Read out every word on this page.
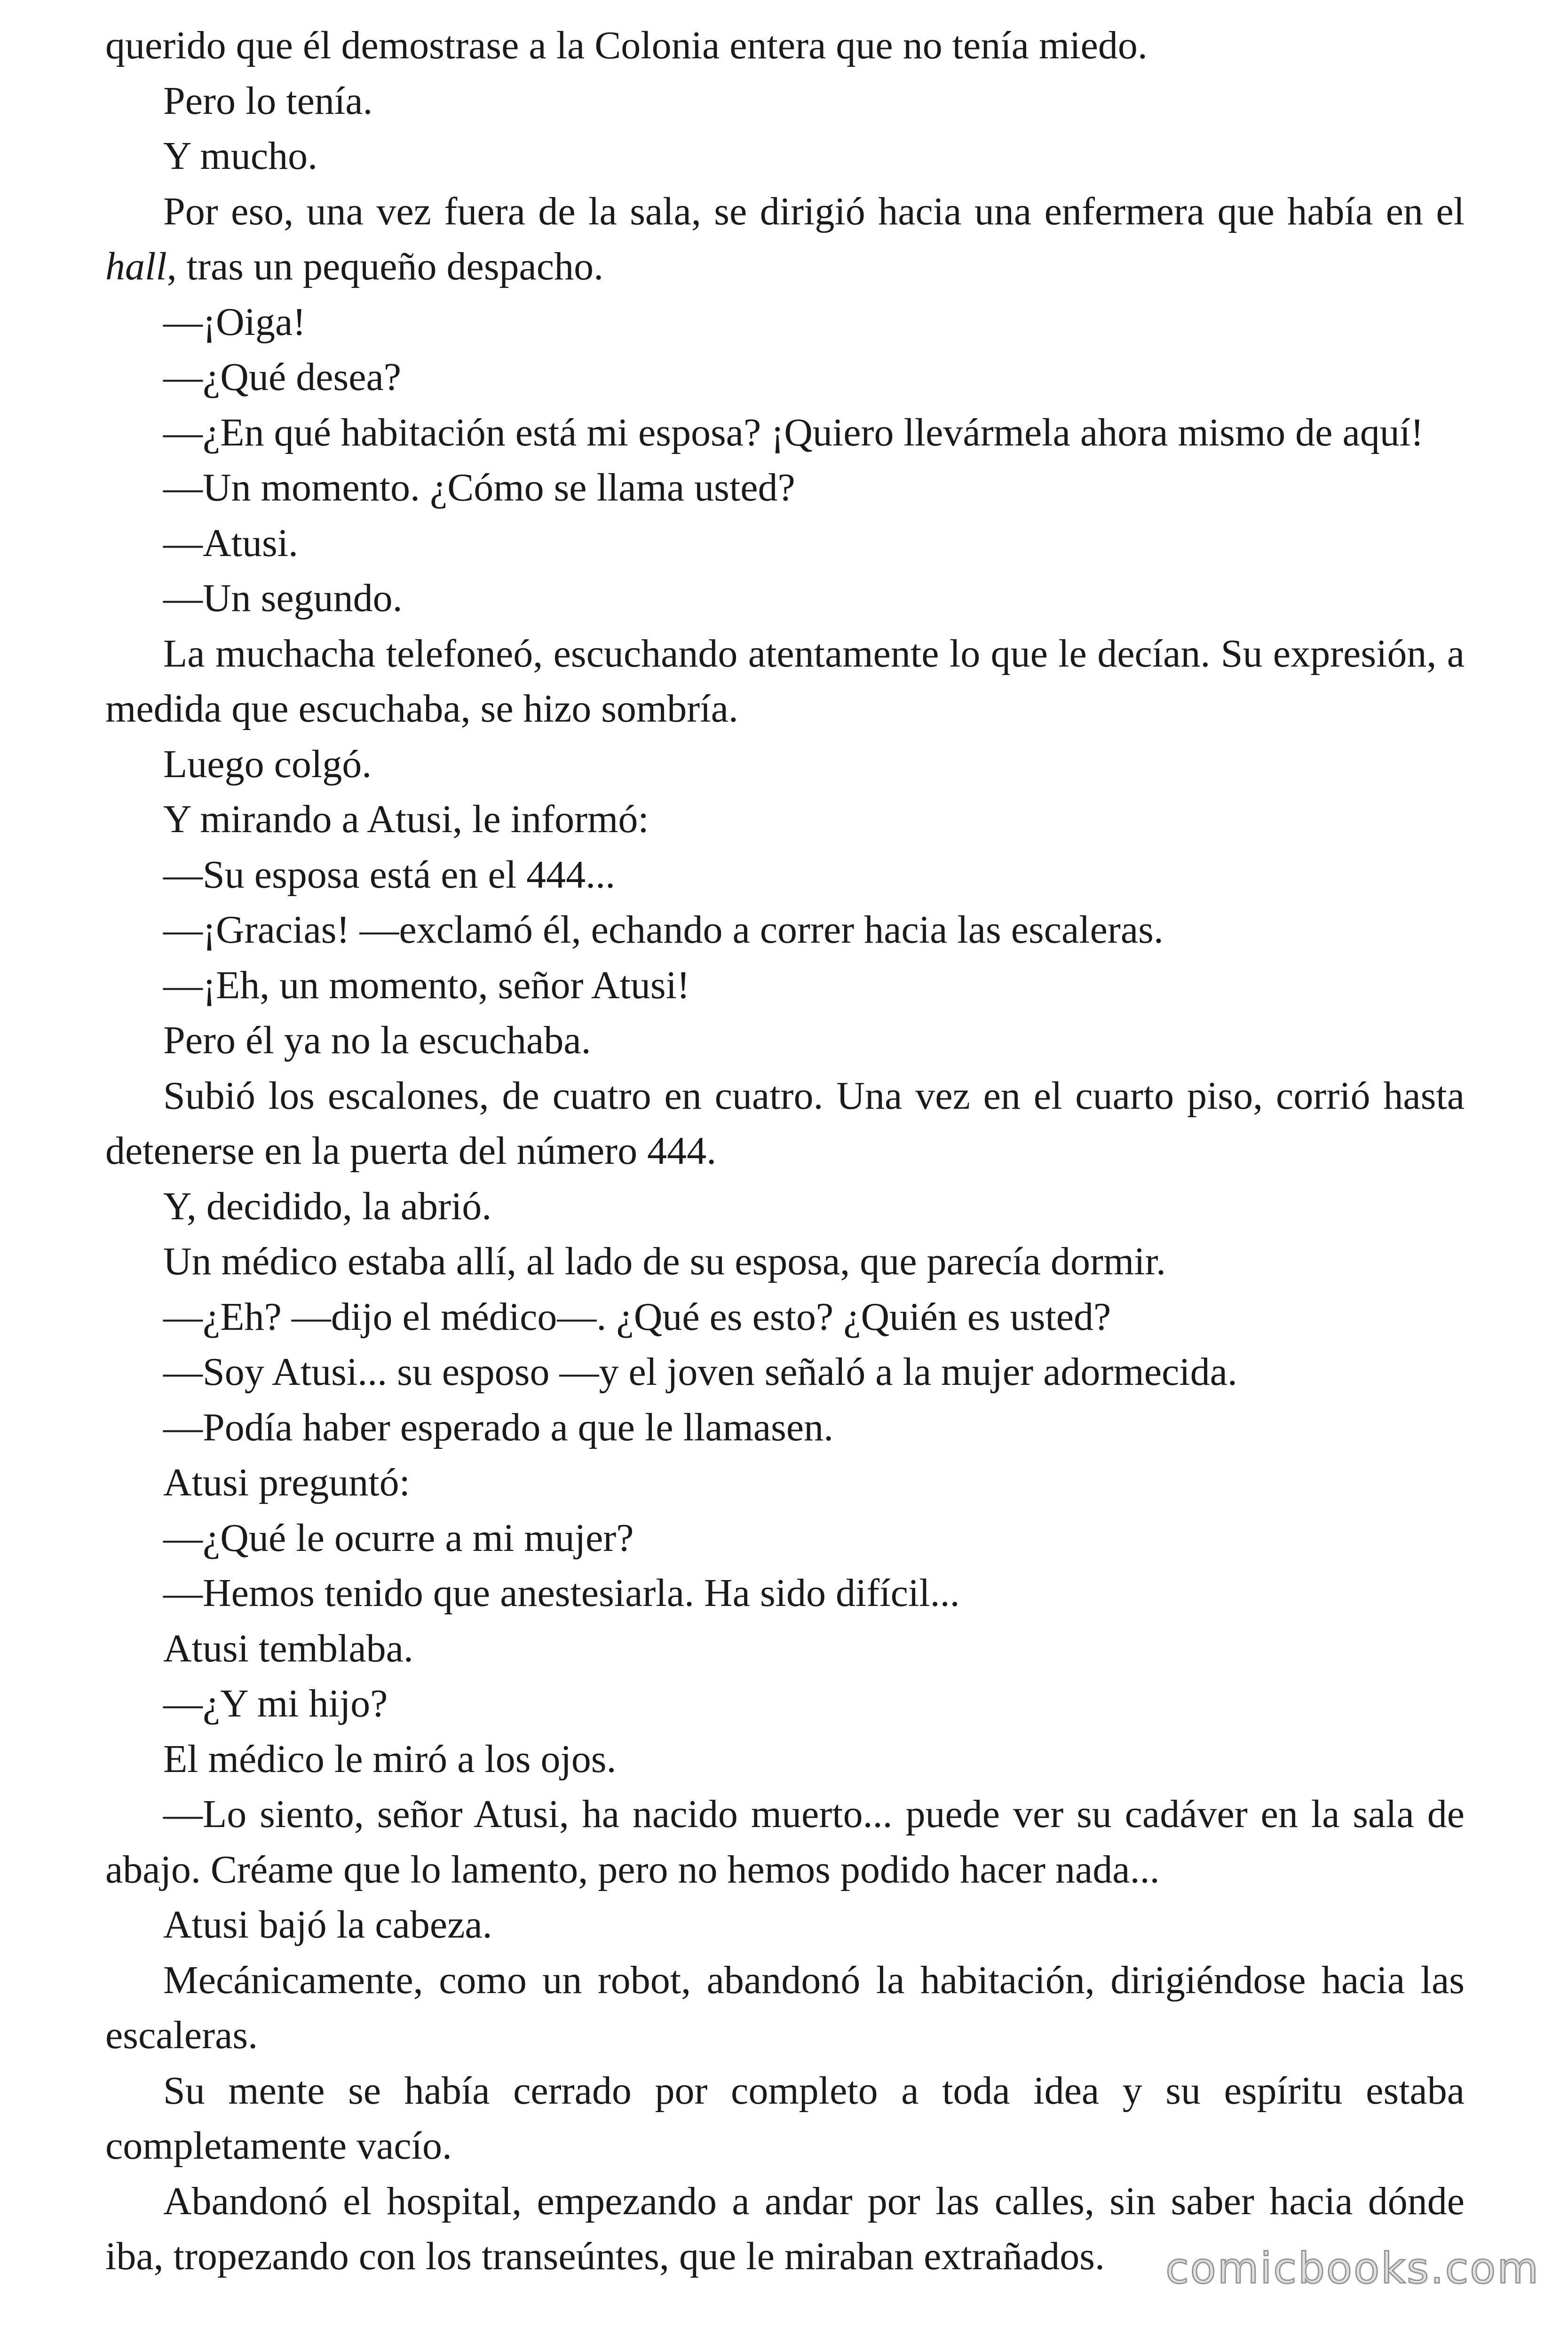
querido que él demostrase a la Colonia entera que no tenía miedo.

Pero lo tenía.

Y mucho.

Por eso, una vez fuera de la sala, se dirigió hacia una enfermera que había en el hall, tras un pequeño despacho.

—¡Oiga!

—¿Qué desea?

—¿En qué habitación está mi esposa? ¡Quiero llevármela ahora mismo de aquí!

—Un momento. ¿Cómo se llama usted?

—Atusi.

—Un segundo.

La muchacha telefoneó, escuchando atentamente lo que le decían. Su expresión, a medida que escuchaba, se hizo sombría.

Luego colgó.

Y mirando a Atusi, le informó:

—Su esposa está en el 444...

—¡Gracias! —exclamó él, echando a correr hacia las escaleras.

—¡Eh, un momento, señor Atusi!

Pero él ya no la escuchaba.

Subió los escalones, de cuatro en cuatro. Una vez en el cuarto piso, corrió hasta detenerse en la puerta del número 444.

Y, decidido, la abrió.

Un médico estaba allí, al lado de su esposa, que parecía dormir.

—¿Eh? —dijo el médico—. ¿Qué es esto? ¿Quién es usted?

—Soy Atusi... su esposo —y el joven señaló a la mujer adormecida.

—Podía haber esperado a que le llamasen.

Atusi preguntó:

—¿Qué le ocurre a mi mujer?

—Hemos tenido que anestesiarla. Ha sido difícil...

Atusi temblaba.

—¿Y mi hijo?

El médico le miró a los ojos.

—Lo siento, señor Atusi, ha nacido muerto... puede ver su cadáver en la sala de abajo. Créame que lo lamento, pero no hemos podido hacer nada...

Atusi bajó la cabeza.

Mecánicamente, como un robot, abandonó la habitación, dirigiéndose hacia las escaleras.

Su mente se había cerrado por completo a toda idea y su espíritu estaba completamente vacío.

Abandonó el hospital, empezando a andar por las calles, sin saber hacia dónde iba, tropezando con los transeúntes, que le miraban extrañados.	comicbooks.com
